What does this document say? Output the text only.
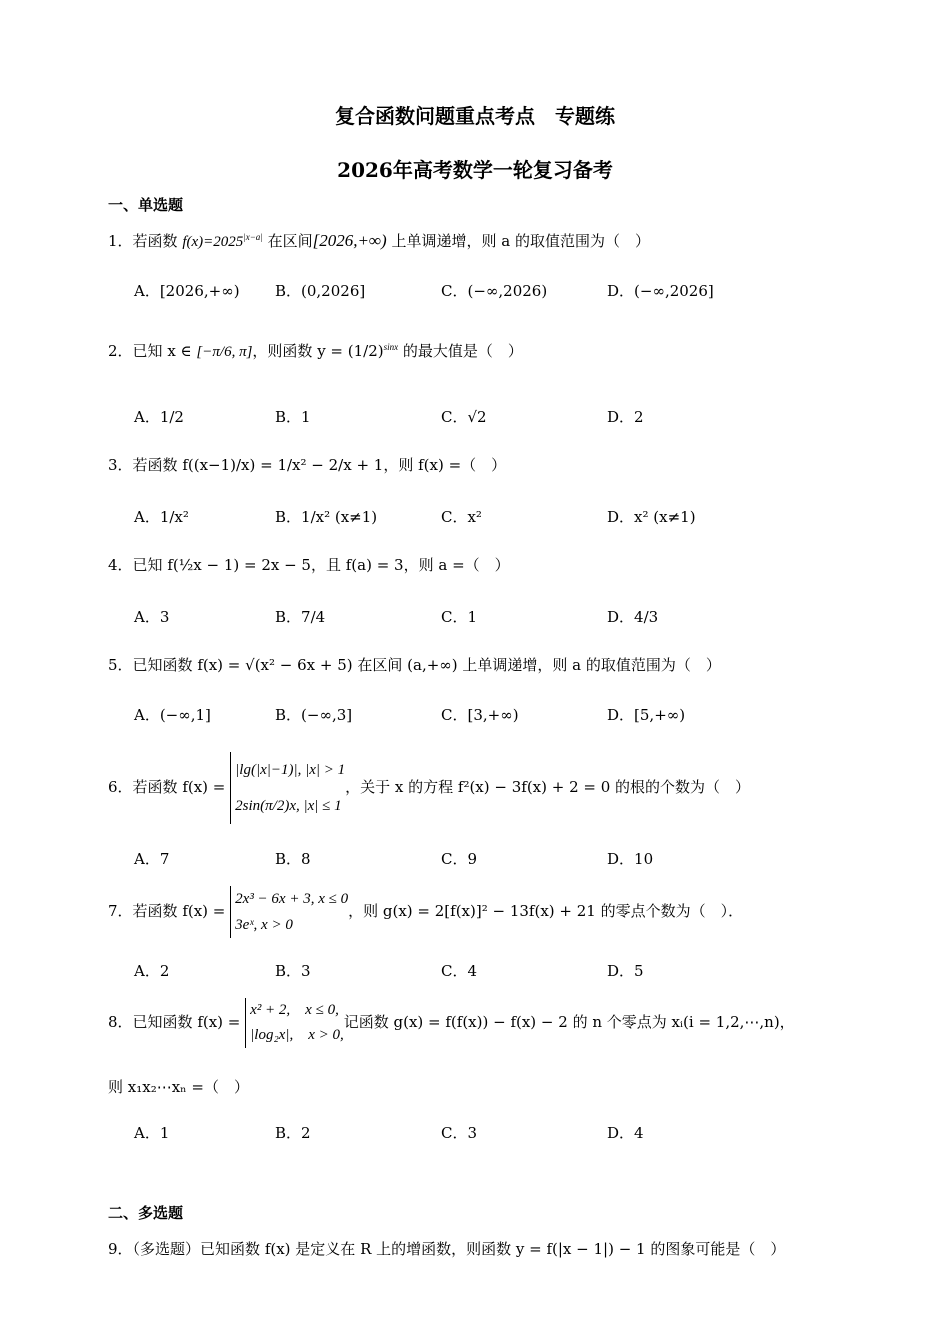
复合函数问题重点考点　专题练
2026年高考数学一轮复习备考
一、单选题
1．若函数 $f(x)=2025^{|x-a|}$ 在区间[2026,+∞) 上单调递增，则 a 的取值范围为（　）
A．[2026,+∞) B．(0,2026]	C．(−∞,2026)	D．(−∞,2026]
2．已知 x ∈ [−π/6, π]，则函数 $y = (1/2)^{sinx}$ 的最大值是（　）
A．1/2	B．1	C．√2	D．2
3．若函数 f((x−1)/x) = 1/x² − 2/x + 1，则 f(x) =（　）
A．1/x²	B．1/x² (x≠1)	C．x²	D．x² (x≠1)
4．已知 f(½x − 1) = 2x − 5，且 f(a) = 3，则 a =（　）
A．3	B．7/4	C．1	D．4/3
5．已知函数 f(x) = √(x² − 6x + 5) 在区间 (a,+∞) 上单调递增，则 a 的取值范围为（　）
A．(−∞,1]	B．(−∞,3]	C．[3,+∞)	D．[5,+∞)
6．若函数 f(x) =
|lg(|x|−1)|, |x| > 1
2sin(π/2)x, |x| ≤ 1
，关于 x 的方程 f²(x) − 3f(x) + 2 = 0 的根的个数为（　）
A．7	B．8	C．9	D．10
7．若函数 f(x) =
2x³ − 6x + 3, x ≤ 0
3eˣ, x > 0
，则 g(x) = 2[f(x)]² − 13f(x) + 21 的零点个数为（　）．
A．2	B．3	C．4	D．5
8．已知函数 f(x) =
x² + 2,　x ≤ 0,
|log₂x|,　x > 0,
记函数 g(x) = f(f(x)) − f(x) − 2 的 n 个零点为 xᵢ(i = 1,2,⋯,n)，
则 x₁x₂⋯xₙ =（　）
A．1	B．2	C．3	D．4
二、多选题
9．（多选题）已知函数 f(x) 是定义在 R 上的增函数，则函数 y = f(|x − 1|) − 1 的图象可能是（　）
